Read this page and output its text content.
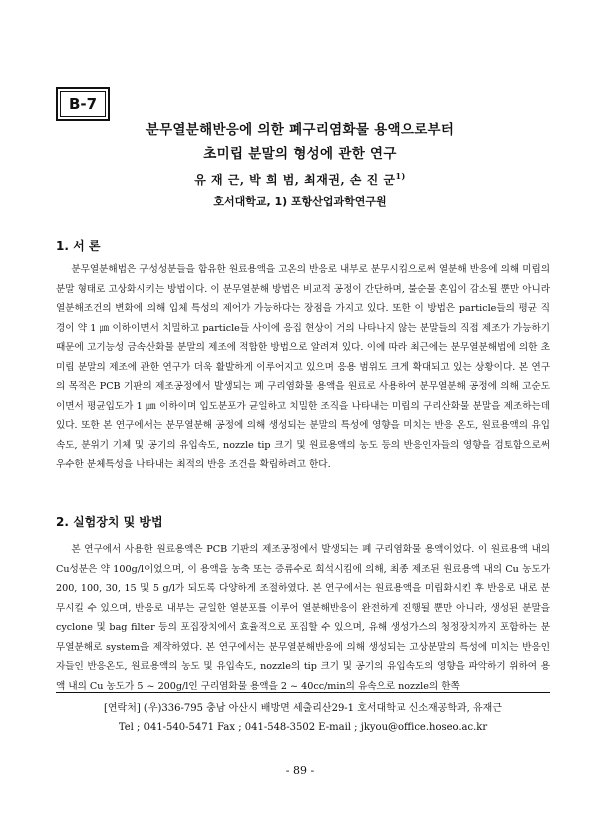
B-7
분무열분해반응에 의한 폐구리염화물 용액으로부터
초미립 분말의 형성에 관한 연구
유 재 근, 박 희 범, 최재권, 손 진 군$^{1)}$
호서대학교, 1) 포항산업과학연구원
1. 서 론

분무열분해법은 구성성분들을 함유한 원료용액을 고온의 반응로 내부로 분무시킴으로써 열분해 반응에 의해 미립의 분말 형태로 고상화시키는 방법이다. 이 분무열분해 방법은 비교적 공정이 간단하며, 불순물 혼입이 감소될 뿐만 아니라 열분해조건의 변화에 의해 입체 특성의 제어가 가능하다는 장점을 가지고 있다. 또한 이 방법은 particle들의 평균 직경이 약 1 ㎛ 이하이면서 치밀하고 particle들 사이에 응집 현상이 거의 나타나지 않는 분말들의 직접 제조가 가능하기 때문에 고기능성 금속산화물 분말의 제조에 적합한 방법으로 알려져 있다. 이에 따라 최근에는 분무열분해법에 의한 초미립 분말의 제조에 관한 연구가 더욱 활발하게 이루어지고 있으며 응용 범위도 크게 확대되고 있는 상황이다. 본 연구의 목적은 PCB 기판의 제조공정에서 발생되는 폐 구리염화물 용액을 원료로 사용하여 분무열분해 공정에 의해 고순도이면서 평균입도가 1 ㎛ 이하이며 입도분포가 균일하고 치밀한 조직을 나타내는 미립의 구리산화물 분말을 제조하는데 있다. 또한 본 연구에서는 분무열분해 공정에 의해 생성되는 분말의 특성에 영향을 미치는 반응 온도, 원료용액의 유입속도, 분위기 기체 및 공기의 유입속도, nozzle tip 크기 및 원료용액의 농도 등의 반응인자들의 영향을 검토함으로써 우수한 분체특성을 나타내는 최적의 반응 조건을 확립하려고 한다.

2. 실험장치 및 방법

본 연구에서 사용한 원료용액은 PCB 기판의 제조공정에서 발생되는 폐 구리염화물 용액이었다. 이 원료용액 내의 Cu성분은 약 100g/l이었으며, 이 용액을 농축 또는 증류수로 희석시킴에 의해, 최종 제조된 원료용액 내의 Cu 농도가 200, 100, 30, 15 및 5 g/l가 되도록 다양하게 조절하였다. 본 연구에서는 원료용액을 미립화시킨 후 반응로 내로 분무시킬 수 있으며, 반응로 내부는 균일한 열분포를 이루어 열분해반응이 완전하게 진행될 뿐만 아니라, 생성된 분말을 cyclone 및 bag filter 등의 포집장치에서 효율적으로 포집할 수 있으며, 유해 생성가스의 청정장치까지 포함하는 분무열분해로 system을 제작하였다. 본 연구에서는 분무열분해반응에 의해 생성되는 고상분말의 특성에 미치는 반응인자들인 반응온도, 원료용액의 농도 및 유입속도, nozzle의 tip 크기 및 공기의 유입속도의 영향을 파악하기 위하여 용액 내의 Cu 농도가 5 ~ 200g/l인 구리염화물 용액을 2 ~ 40cc/min의 유속으로 nozzle의 한쪽

[연락처] (우)336-795 충남 아산시 배방면 세출리산29-1 호서대학교 신소재공학과, 유재근
Tel ; 041-540-5471 Fax ; 041-548-3502 E-mail ; jkyou@office.hoseo.ac.kr
- 89 -
